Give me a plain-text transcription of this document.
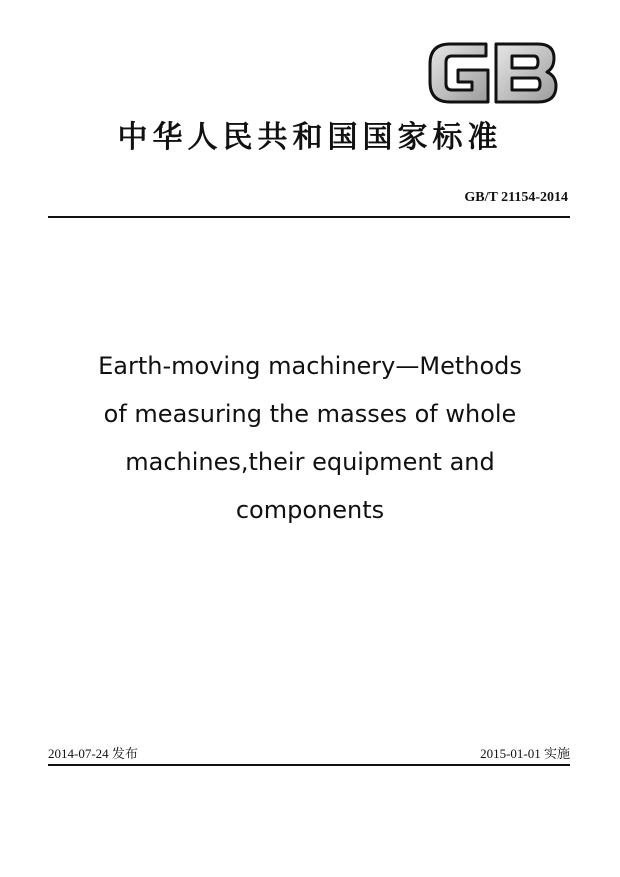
中华人民共和国国家标准
GB/T 21154-2014
Earth-moving machinery—Methods
of measuring the masses of whole
machines,their equipment and
components
2014-07-24 发布	2015-01-01 实施
